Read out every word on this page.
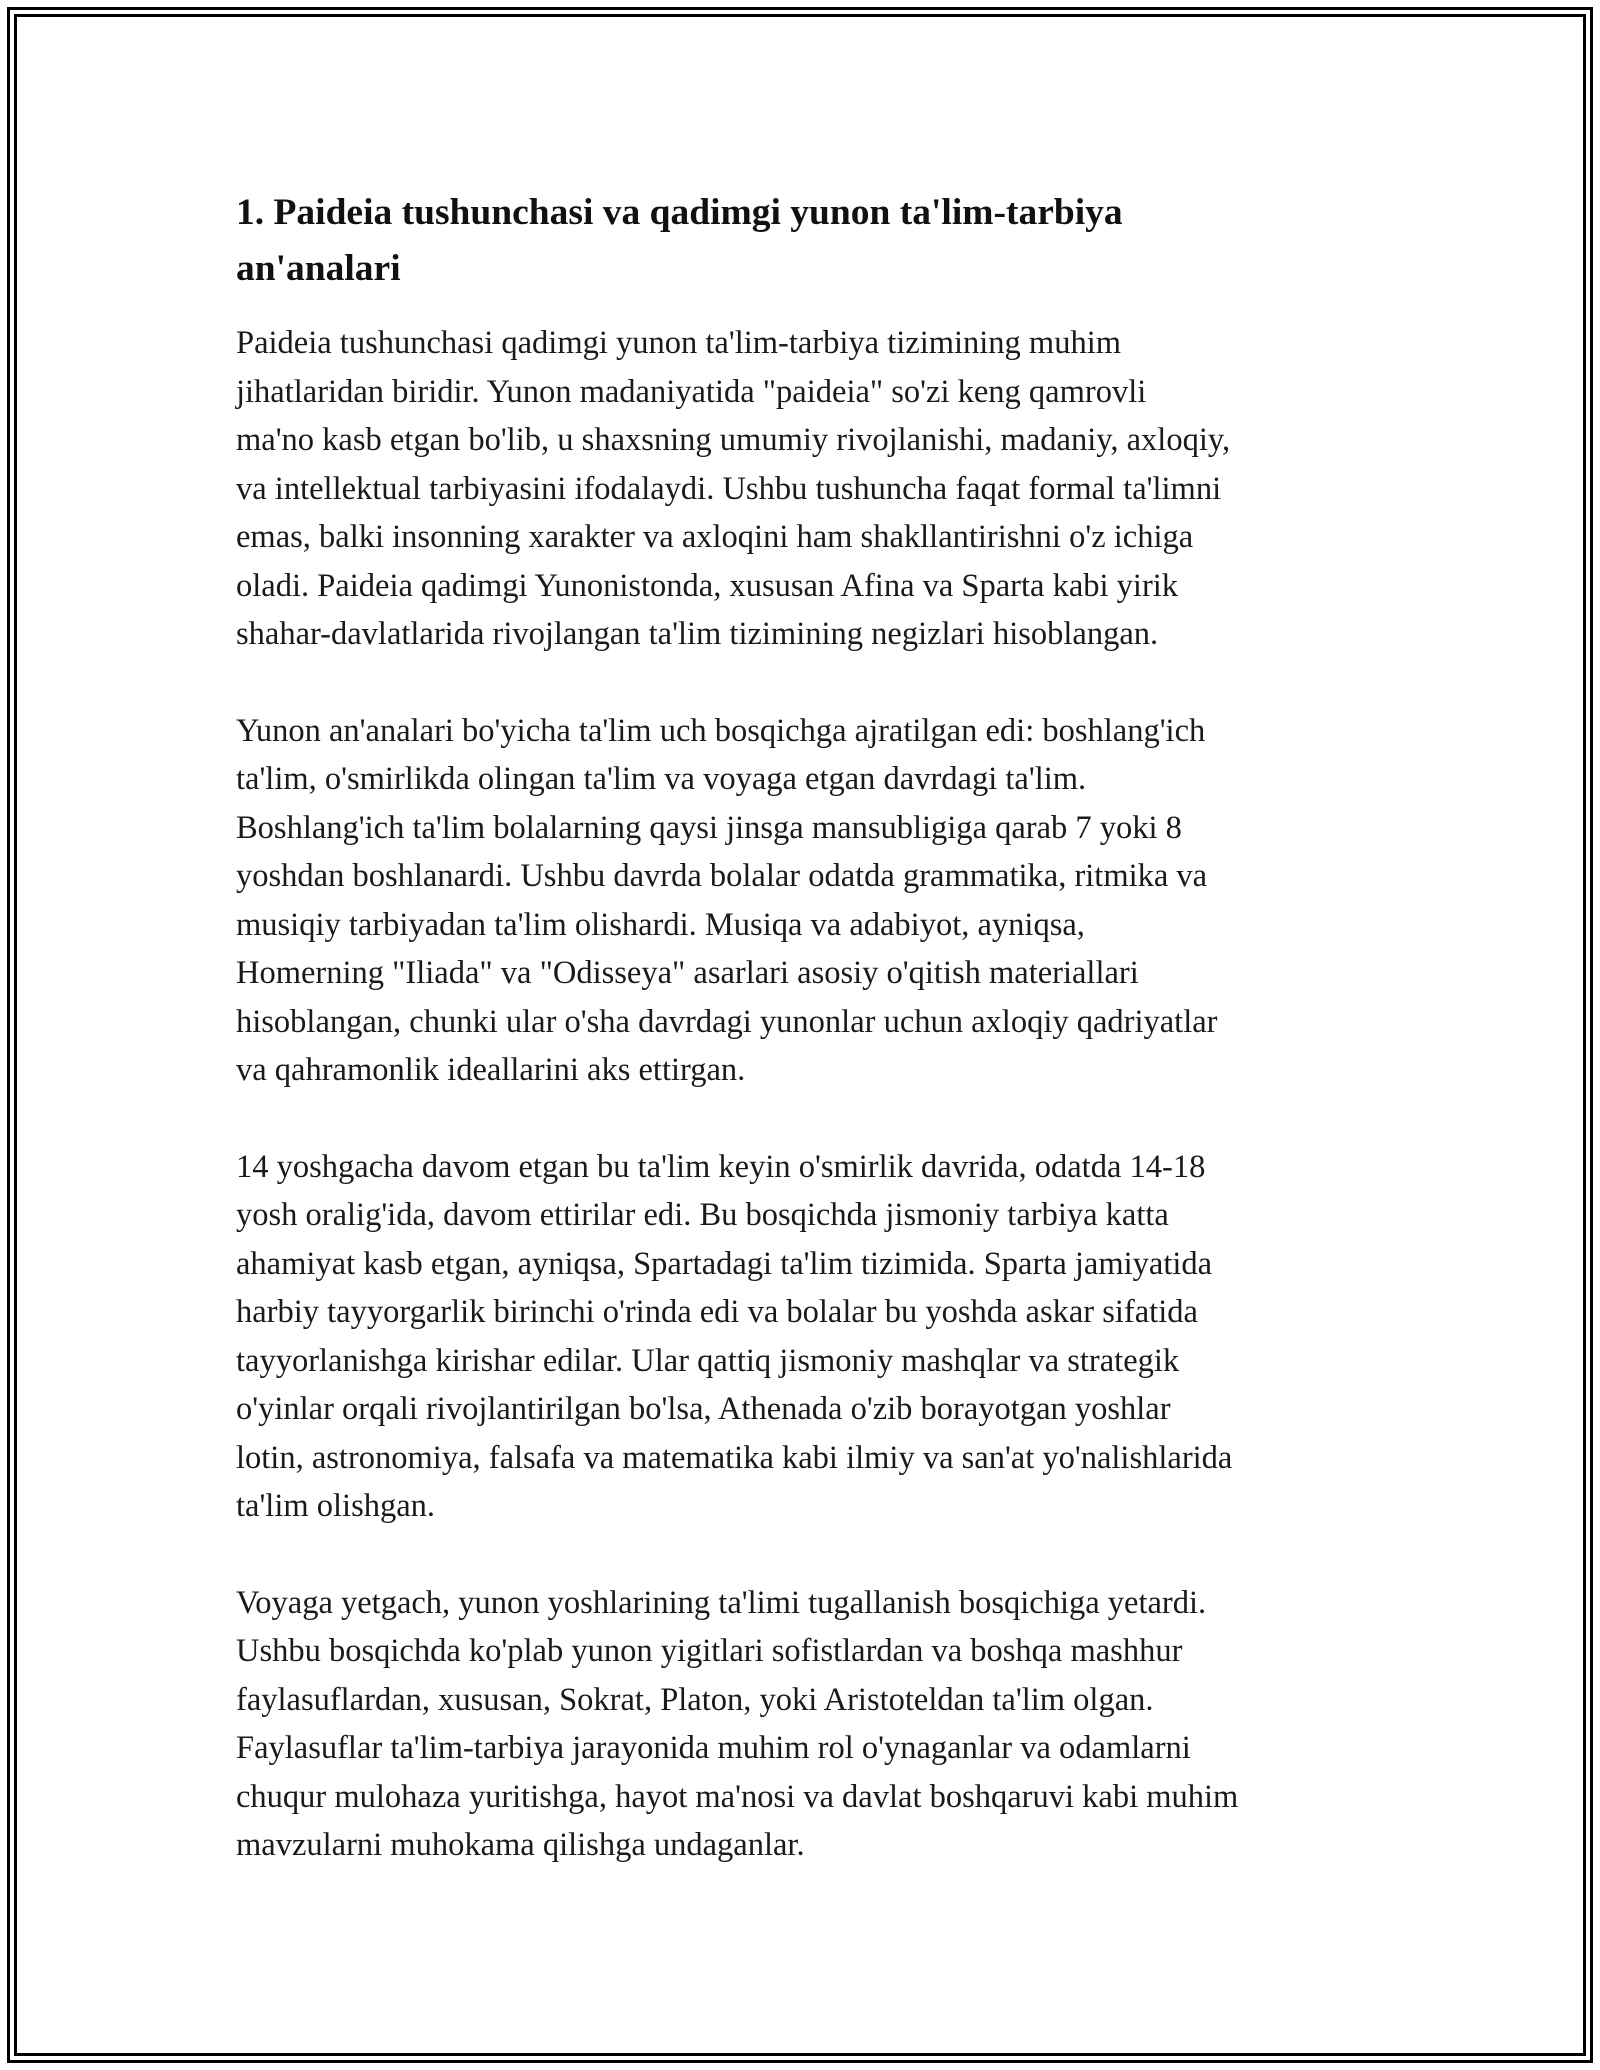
1. Paideia tushunchasi va qadimgi yunon ta'lim-tarbiya
an'analari

Paideia tushunchasi qadimgi yunon ta'lim-tarbiya tizimining muhim
jihatlaridan biridir. Yunon madaniyatida "paideia" so'zi keng qamrovli
ma'no kasb etgan bo'lib, u shaxsning umumiy rivojlanishi, madaniy, axloqiy,
va intellektual tarbiyasini ifodalaydi. Ushbu tushuncha faqat formal ta'limni
emas, balki insonning xarakter va axloqini ham shakllantirishni o'z ichiga
oladi. Paideia qadimgi Yunonistonda, xususan Afina va Sparta kabi yirik
shahar-davlatlarida rivojlangan ta'lim tizimining negizlari hisoblangan.

Yunon an'analari bo'yicha ta'lim uch bosqichga ajratilgan edi: boshlang'ich
ta'lim, o'smirlikda olingan ta'lim va voyaga etgan davrdagi ta'lim.
Boshlang'ich ta'lim bolalarning qaysi jinsga mansubligiga qarab 7 yoki 8
yoshdan boshlanardi. Ushbu davrda bolalar odatda grammatika, ritmika va
musiqiy tarbiyadan ta'lim olishardi. Musiqa va adabiyot, ayniqsa,
Homerning "Iliada" va "Odisseya" asarlari asosiy o'qitish materiallari
hisoblangan, chunki ular o'sha davrdagi yunonlar uchun axloqiy qadriyatlar
va qahramonlik ideallarini aks ettirgan.

14 yoshgacha davom etgan bu ta'lim keyin o'smirlik davrida, odatda 14-18
yosh oralig'ida, davom ettirilar edi. Bu bosqichda jismoniy tarbiya katta
ahamiyat kasb etgan, ayniqsa, Spartadagi ta'lim tizimida. Sparta jamiyatida
harbiy tayyorgarlik birinchi o'rinda edi va bolalar bu yoshda askar sifatida
tayyorlanishga kirishar edilar. Ular qattiq jismoniy mashqlar va strategik
o'yinlar orqali rivojlantirilgan bo'lsa, Athenada o'zib borayotgan yoshlar
lotin, astronomiya, falsafa va matematika kabi ilmiy va san'at yo'nalishlarida
ta'lim olishgan.

Voyaga yetgach, yunon yoshlarining ta'limi tugallanish bosqichiga yetardi.
Ushbu bosqichda ko'plab yunon yigitlari sofistlardan va boshqa mashhur
faylasuflardan, xususan, Sokrat, Platon, yoki Aristoteldan ta'lim olgan.
Faylasuflar ta'lim-tarbiya jarayonida muhim rol o'ynaganlar va odamlarni
chuqur mulohaza yuritishga, hayot ma'nosi va davlat boshqaruvi kabi muhim
mavzularni muhokama qilishga undaganlar.
